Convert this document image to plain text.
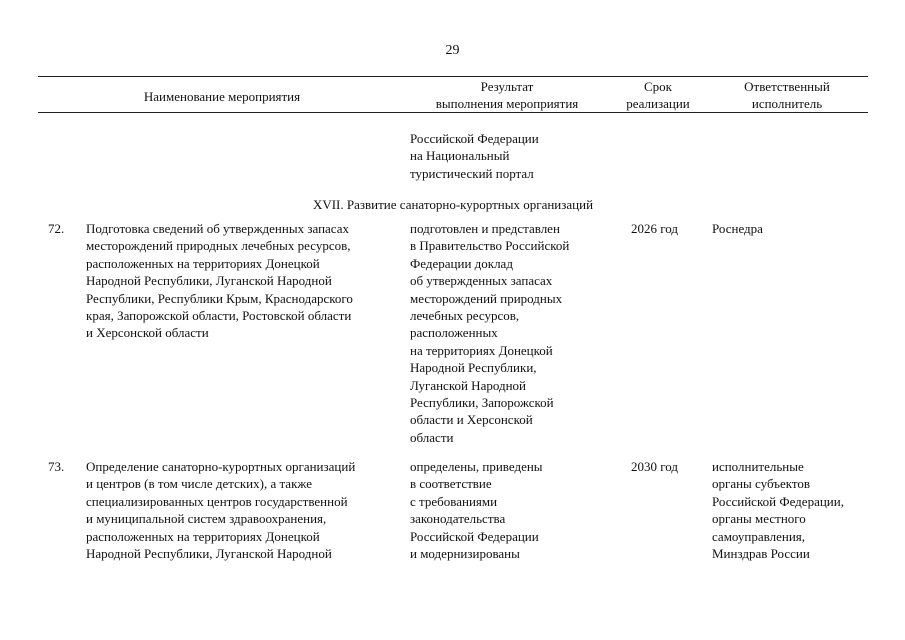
29
Наименование мероприятия
Результат
выполнения мероприятия
Срок
реализации
Ответственный
исполнитель
Российской Федерации
на Национальный
туристический портал
XVII. Развитие санаторно-курортных организаций
72. Подготовка сведений об утвержденных запасах
месторождений природных лечебных ресурсов,
расположенных на территориях Донецкой
Народной Республики, Луганской Народной
Республики, Республики Крым, Краснодарского
края, Запорожской области, Ростовской области
и Херсонской области
подготовлен и представлен
в Правительство Российской
Федерации доклад
об утвержденных запасах
месторождений природных
лечебных ресурсов,
расположенных
на территориях Донецкой
Народной Республики,
Луганской Народной
Республики, Запорожской
области и Херсонской
области
2026 год	Роснедра
73. Определение санаторно-курортных организаций
и центров (в том числе детских), а также
специализированных центров государственной
и муниципальной систем здравоохранения,
расположенных на территориях Донецкой
Народной Республики, Луганской Народной
определены, приведены
в соответствие
с требованиями
законодательства
Российской Федерации
и модернизированы
2030 год	исполнительные
органы субъектов
Российской Федерации,
органы местного
самоуправления,
Минздрав России
